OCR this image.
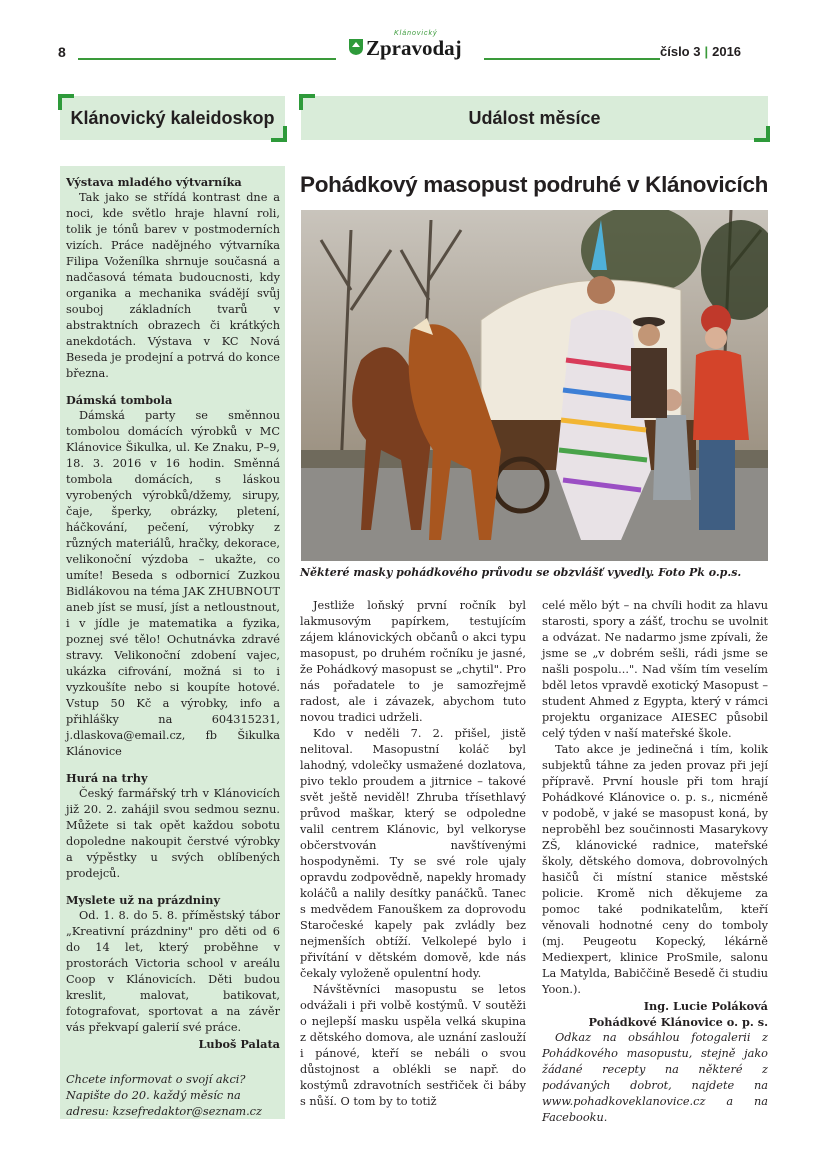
8
Klánovický
Zpravodaj	číslo 3 | 2016
Klánovický kaleidoskop	Událost měsíce
Výstava mladého výtvarníka
Tak jako se střídá kontrast dne a noci, kde světlo hraje hlavní roli, tolik je tónů barev v postmoderních vizích. Práce nadějného výtvarníka Filipa Voženílka shrnuje současná a nadčasová témata budoucnosti, kdy organika a mechanika svádějí svůj souboj základních tvarů v abstraktních obrazech či krátkých anekdotách. Výstava v KC Nová Beseda je prodejní a potrvá do konce března.
Dámská tombola
Dámská party se směnnou tombolou domácích výrobků v MC Klánovice Šikulka, ul. Ke Znaku, P–9, 18. 3. 2016 v 16 hodin. Směnná tombola domácích, s láskou vyrobených výrobků/džemy, sirupy, čaje, šperky, obrázky, pletení, háčkování, pečení, výrobky z různých materiálů, hračky, dekorace, velikonoční výzdoba – ukažte, co umíte! Beseda s odbornicí Zuzkou Bidlákovou na téma JAK ZHUBNOUT aneb jíst se musí, jíst a netloustnout, i v jídle je matematika a fyzika, poznej své tělo! Ochutnávka zdravé stravy. Velikonoční zdobení vajec, ukázka cifrování, možná si to i vyzkoušíte nebo si koupíte hotové. Vstup 50 Kč a výrobky, info a přihlášky na 604315231, j.dlaskova@email.cz, fb Šikulka Klánovice
Hurá na trhy
Český farmářský trh v Klánovicích již 20. 2. zahájil svou sedmou seznu. Můžete si tak opět každou sobotu dopoledne nakoupit čerstvé výrobky a výpěstky u svých oblíbených prodejců.
Myslete už na prázdniny
Od. 1. 8. do 5. 8. příměstský tábor „Kreativní prázdniny" pro děti od 6 do 14 let, který proběhne v prostorách Victoria school v areálu Coop v Klánovicích. Děti budou kreslit, malovat, batikovat, fotografovat, sportovat a na závěr vás překvapí galerií své práce.
Luboš Palata
Chcete informovat o svojí akci? Napište do 20. každý měsíc na adresu: kzsefredaktor@seznam.cz
Pohádkový masopust podruhé v Klánovicích
Některé masky pohádkového průvodu se obzvlášť vyvedly. Foto Pk o.p.s.

Jestliže loňský první ročník byl lakmusovým papírkem, testujícím zájem klánovických občanů o akci typu masopust, po druhém ročníku je jasné, že Pohádkový masopust se „chytil". Pro nás pořadatele to je samozřejmě radost, ale i závazek, abychom tuto novou tradici udrželi.

Kdo v neděli 7. 2. přišel, jistě nelitoval. Masopustní koláč byl lahodný, vdolečky usmažené dozlatova, pivo teklo proudem a jitrnice – takové svět ještě neviděl! Zhruba třísethlavý průvod maškar, který se odpoledne valil centrem Klánovic, byl velkoryse občerstvován navštívenými hospodyněmi. Ty se své role ujaly opravdu zodpovědně, napekly hromady koláčů a nalily desítky panáčků. Tanec s medvědem Fanouškem za doprovodu Staročeské kapely pak zvládly bez nejmenších obtíží. Velkolepé bylo i přivítání v dětském domově, kde nás čekaly vyloženě opulentní hody.

Návštěvníci masopustu se letos odvážali i při volbě kostýmů. V soutěži o nejlepší masku uspěla velká skupina z dětského domova, ale uznání zaslouží i pánové, kteří se nebáli o svou důstojnost a oblékli se např. do kostýmů zdravotních sestřiček či báby s nůší. O tom by to totiž

celé mělo být – na chvíli hodit za hlavu starosti, spory a zášť, trochu se uvolnit a odvázat. Ne nadarmo jsme zpívali, že jsme se „v dobrém sešli, rádi jsme se našli pospolu...". Nad vším tím veselím bděl letos vpravdě exotický Masopust – student Ahmed z Egypta, který v rámci projektu organizace AIESEC působil celý týden v naší mateřské škole.

Tato akce je jedinečná i tím, kolik subjektů táhne za jeden provaz při její přípravě. První housle při tom hrají Pohádkové Klánovice o. p. s., nicméně v podobě, v jaké se masopust koná, by neproběhl bez součinnosti Masarykovy ZŠ, klánovické radnice, mateřské školy, dětského domova, dobrovolných hasičů či místní stanice městské policie. Kromě nich děkujeme za pomoc také podnikatelům, kteří věnovali hodnotné ceny do tomboly (mj. Peugeotu Kopecký, lékárně Mediexpert, klinice ProSmile, salonu La Matylda, Babiččině Besedě či studiu Yoon.).

Ing. Lucie Poláková

Pohádkové Klánovice o. p. s.

Odkaz na obsáhlou fotogalerii z Pohádkového masopustu, stejně jako žádané recepty na některé z podávaných dobrot, najdete na www.pohadkoveklanovice.cz a na Facebooku.
